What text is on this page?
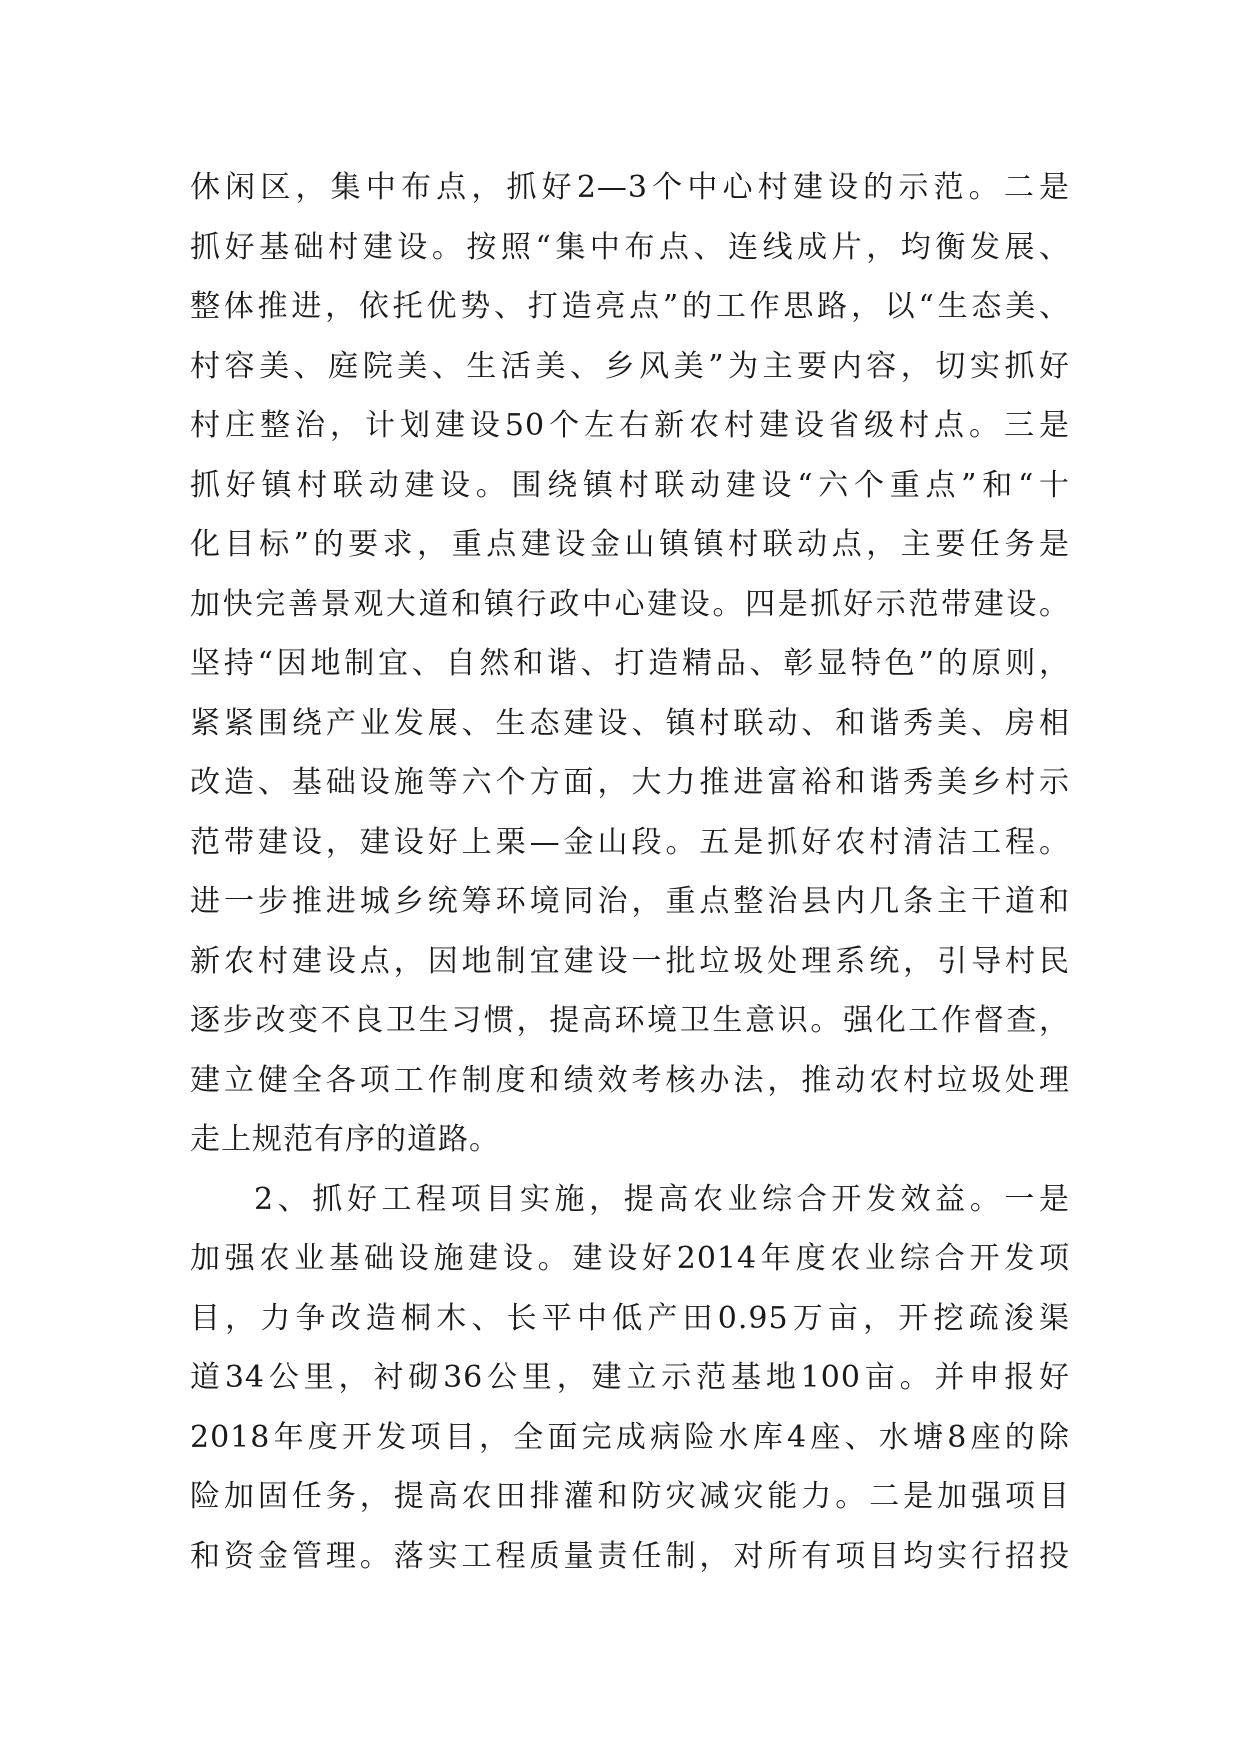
休闲区，集中布点，抓好2—3个中心村建设的示范。二是
抓好基础村建设。按照“集中布点、连线成片，均衡发展、
整体推进，依托优势、打造亮点”的工作思路，以“生态美、
村容美、庭院美、生活美、乡风美”为主要内容，切实抓好
村庄整治，计划建设50个左右新农村建设省级村点。三是
抓好镇村联动建设。围绕镇村联动建设“六个重点”和“十
化目标”的要求，重点建设金山镇镇村联动点，主要任务是
加快完善景观大道和镇行政中心建设。四是抓好示范带建设。
坚持“因地制宜、自然和谐、打造精品、彰显特色”的原则，
紧紧围绕产业发展、生态建设、镇村联动、和谐秀美、房相
改造、基础设施等六个方面，大力推进富裕和谐秀美乡村示
范带建设，建设好上栗—金山段。五是抓好农村清洁工程。
进一步推进城乡统筹环境同治，重点整治县内几条主干道和
新农村建设点，因地制宜建设一批垃圾处理系统，引导村民
逐步改变不良卫生习惯，提高环境卫生意识。强化工作督查，
建立健全各项工作制度和绩效考核办法，推动农村垃圾处理
走上规范有序的道路。
2、抓好工程项目实施，提高农业综合开发效益。一是
加强农业基础设施建设。建设好2014年度农业综合开发项
目，力争改造桐木、长平中低产田0.95万亩，开挖疏浚渠
道34公里，衬砌36公里，建立示范基地100亩。并申报好
2018年度开发项目，全面完成病险水库4座、水塘8座的除
险加固任务，提高农田排灌和防灾减灾能力。二是加强项目
和资金管理。落实工程质量责任制，对所有项目均实行招投
